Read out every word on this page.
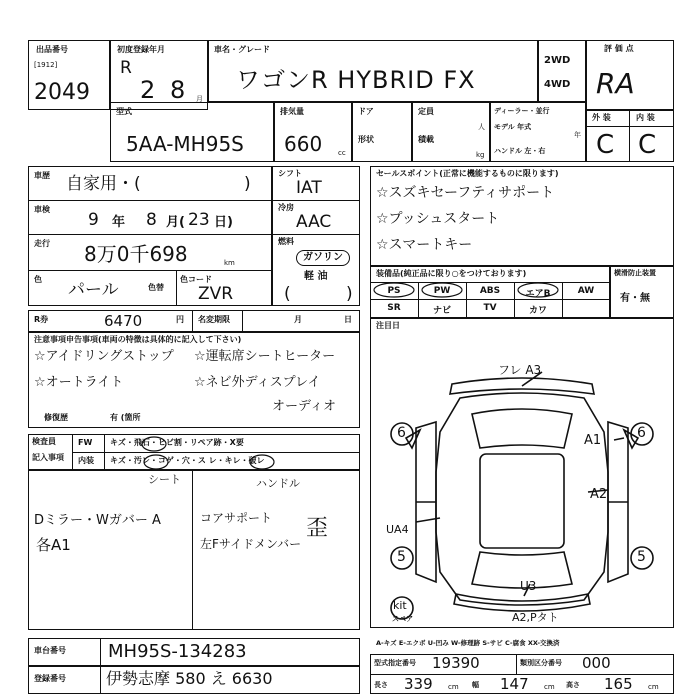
出品番号
[1912]
2049
初度登録年月
R
2 8 月
車名・グレード
ワゴンR HYBRID FX
2WD
4WD
評 価 点
RA
型式
5AA-MH95S
排気量
660 cc
ドア
形状
定員
人
積載
kg
ディーラー・並行
モデル 年式
年
ハンドル 左・右
外 装	内 装
C C
車歴 自家用・(	)
車検
9 年 8 月( 23 日)
走行 8万0千698	km
色
パール	色替
色コード
ZVR
シフト
IAT
冷房
AAC
燃料
ガソリン
軽 油
(	)
セールスポイント(正常に機能するものに限ります)
☆スズキセーフティサポート
☆プッシュスタート
☆スマートキー
装備品(純正品に限り○をつけております)
PS	PW	ABS	エアB	AW
SR	ナビ	TV	カワ
横滑防止装置
有・無
R券	6470	円 名変期限	月	日
注意事項申告事項(車両の特徴は具体的に記入して下さい)
☆アイドリングストップ ☆運転席シートヒーター
☆オートライト	☆ネビ外ディスプレイ
オーディオ
修復歴	有 (箇所
注目日
検査員
記入事項
FW
内装
キズ・飛石・ヒビ割・リペア跡・X要
キズ・汚レ・コゲ・穴・ス レ・キレ・破レ
シート	ハンドル
Dミラー・Wガバー A
各A1
コアサポート
左Fサイドメンバー
歪
フレ A3
A1
A2
UA4
U3
A2,Pタト
6	6
5	5
kit
スペア
A-キズ E-エクボ U-凹み W-修理跡 S-サビ C-腐食 XX-交換済
車台番号 MH95S-134283
登録番号	伊勢志摩 580 え 6630
型式指定番号 19390	類別区分番号 000
長さ 339 cm 幅 147 cm 高さ 165 cm
